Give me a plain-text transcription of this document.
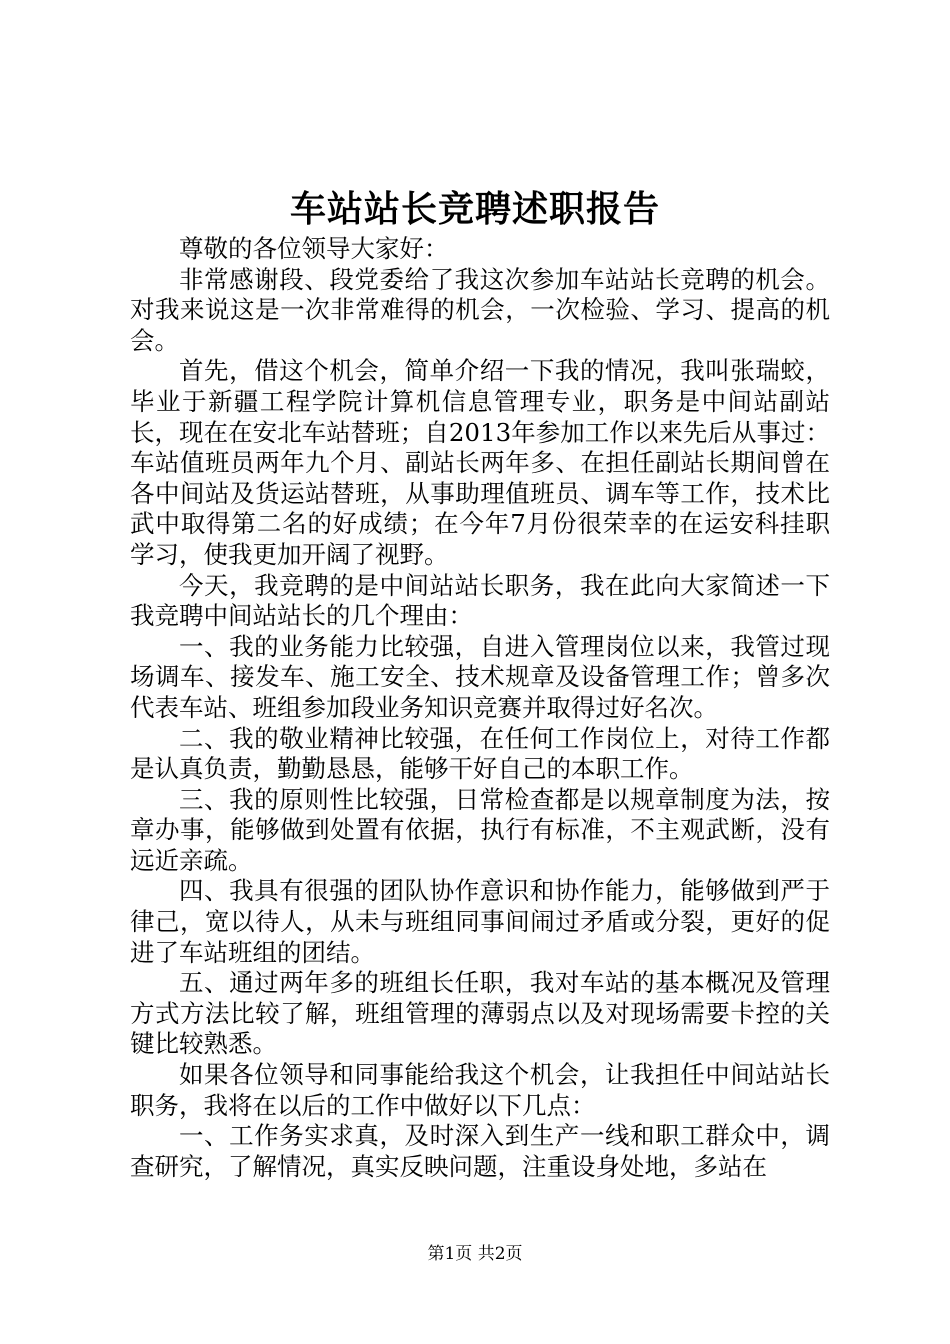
车站站长竞聘述职报告

尊敬的各位领导大家好：

非常感谢段、段党委给了我这次参加车站站长竞聘的机会。对我来说这是一次非常难得的机会，一次检验、学习、提高的机会。

首先，借这个机会，简单介绍一下我的情况，我叫张瑞蛟，毕业于新疆工程学院计算机信息管理专业，职务是中间站副站长，现在在安北车站替班；自2013年参加工作以来先后从事过：车站值班员两年九个月、副站长两年多、在担任副站长期间曾在各中间站及货运站替班，从事助理值班员、调车等工作，技术比武中取得第二名的好成绩；在今年7月份很荣幸的在运安科挂职学习，使我更加开阔了视野。

今天，我竞聘的是中间站站长职务，我在此向大家简述一下我竞聘中间站站长的几个理由：

一、我的业务能力比较强，自进入管理岗位以来，我管过现场调车、接发车、施工安全、技术规章及设备管理工作；曾多次代表车站、班组参加段业务知识竞赛并取得过好名次。

二、我的敬业精神比较强，在任何工作岗位上，对待工作都是认真负责，勤勤恳恳，能够干好自己的本职工作。

三、我的原则性比较强，日常检查都是以规章制度为法，按章办事，能够做到处置有依据，执行有标准，不主观武断，没有远近亲疏。

四、我具有很强的团队协作意识和协作能力，能够做到严于律己，宽以待人，从未与班组同事间闹过矛盾或分裂，更好的促进了车站班组的团结。

五、通过两年多的班组长任职，我对车站的基本概况及管理方式方法比较了解，班组管理的薄弱点以及对现场需要卡控的关键比较熟悉。

如果各位领导和同事能给我这个机会，让我担任中间站站长职务，我将在以后的工作中做好以下几点：

一、工作务实求真，及时深入到生产一线和职工群众中，调查研究，了解情况，真实反映问题，注重设身处地，多站在

第1页 共2页
